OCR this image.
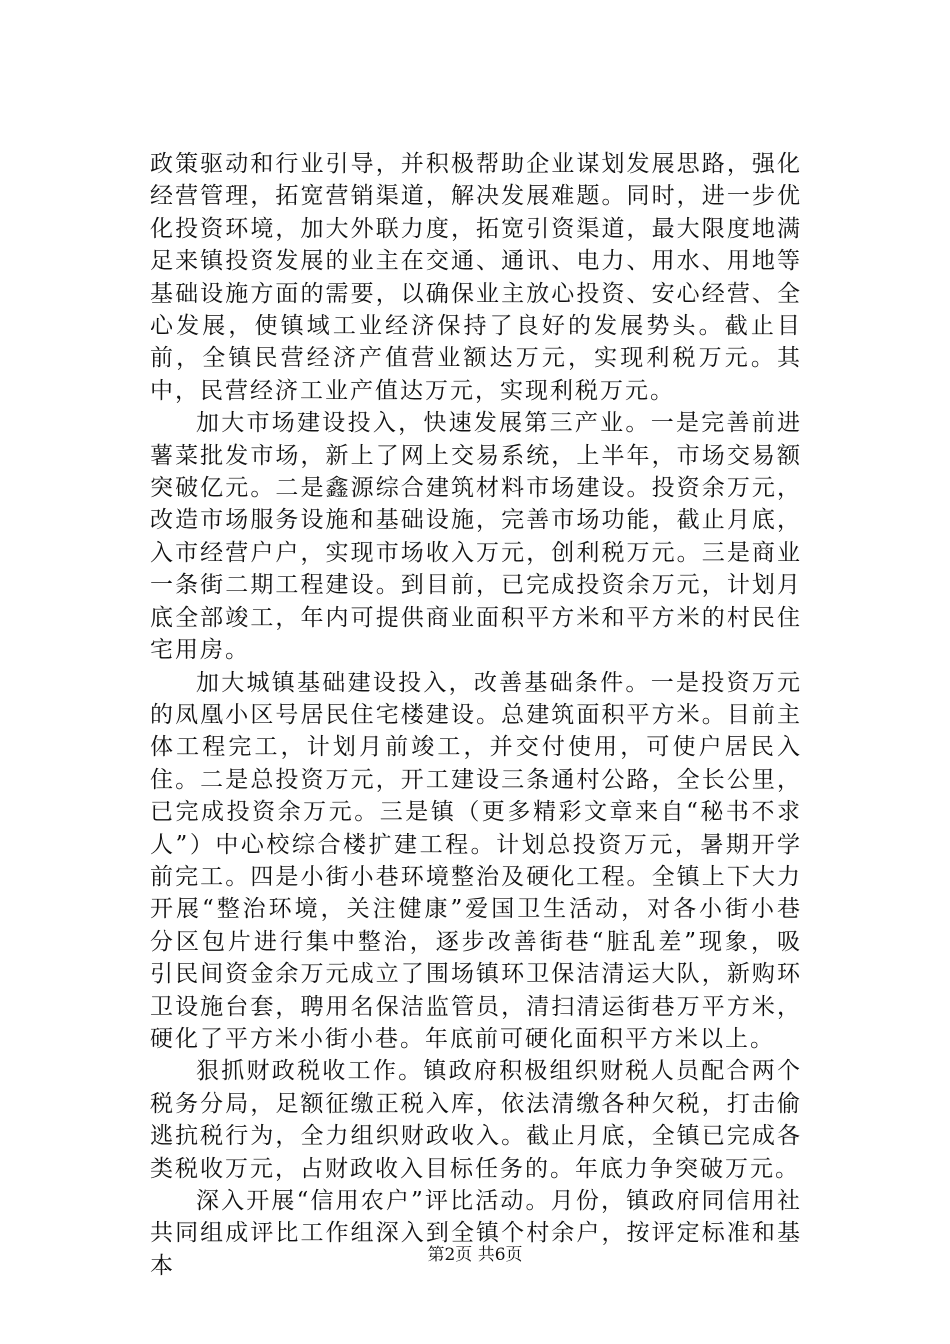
政策驱动和行业引导，并积极帮助企业谋划发展思路，强化经营管理，拓宽营销渠道，解决发展难题。同时，进一步优化投资环境，加大外联力度，拓宽引资渠道，最大限度地满足来镇投资发展的业主在交通、通讯、电力、用水、用地等基础设施方面的需要，以确保业主放心投资、安心经营、全心发展，使镇域工业经济保持了良好的发展势头。截止目前，全镇民营经济产值营业额达万元，实现利税万元。其中，民营经济工业产值达万元，实现利税万元。

加大市场建设投入，快速发展第三产业。一是完善前进薯菜批发市场，新上了网上交易系统，上半年，市场交易额突破亿元。二是鑫源综合建筑材料市场建设。投资余万元，改造市场服务设施和基础设施，完善市场功能，截止月底，入市经营户户，实现市场收入万元，创利税万元。三是商业一条街二期工程建设。到目前，已完成投资余万元，计划月底全部竣工，年内可提供商业面积平方米和平方米的村民住宅用房。

加大城镇基础建设投入，改善基础条件。一是投资万元的凤凰小区号居民住宅楼建设。总建筑面积平方米。目前主体工程完工，计划月前竣工，并交付使用，可使户居民入住。二是总投资万元，开工建设三条通村公路，全长公里，已完成投资余万元。三是镇（更多精彩文章来自“秘书不求人”）中心校综合楼扩建工程。计划总投资万元，暑期开学前完工。四是小街小巷环境整治及硬化工程。全镇上下大力开展“整治环境，关注健康”爱国卫生活动，对各小街小巷分区包片进行集中整治，逐步改善街巷“脏乱差”现象，吸引民间资金余万元成立了围场镇环卫保洁清运大队，新购环卫设施台套，聘用名保洁监管员，清扫清运街巷万平方米，硬化了平方米小街小巷。年底前可硬化面积平方米以上。

狠抓财政税收工作。镇政府积极组织财税人员配合两个税务分局，足额征缴正税入库，依法清缴各种欠税，打击偷逃抗税行为，全力组织财政收入。截止月底，全镇已完成各类税收万元，占财政收入目标任务的。年底力争突破万元。

深入开展“信用农户”评比活动。月份，镇政府同信用社共同组成评比工作组深入到全镇个村余户，按评定标准和基本	第2页 共6页
